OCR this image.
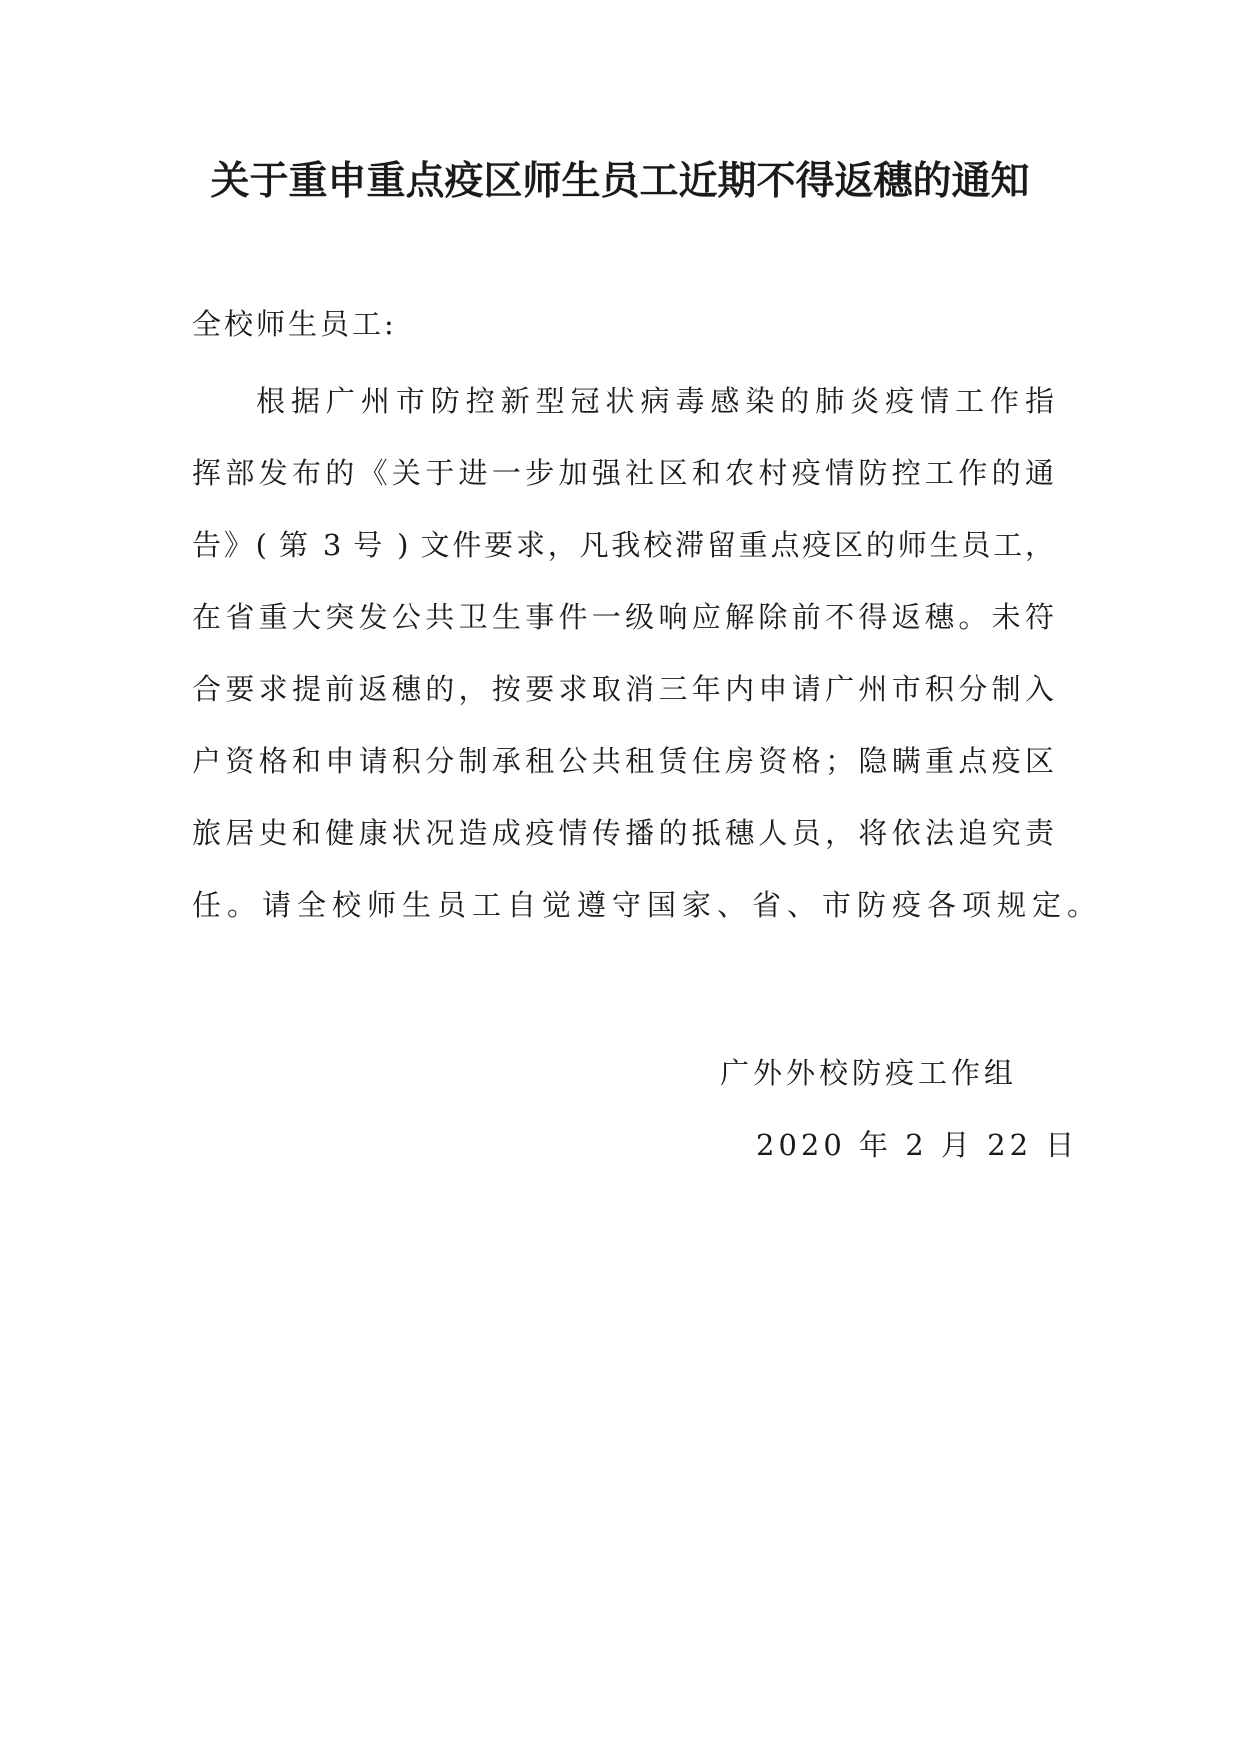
关于重申重点疫区师生员工近期不得返穗的通知
全校师生员工:
根据广州市防控新型冠状病毒感染的肺炎疫情工作指
挥部发布的《关于进一步加强社区和农村疫情防控工作的通
告》( 第 3 号 ) 文件要求，凡我校滞留重点疫区的师生员工，
在省重大突发公共卫生事件一级响应解除前不得返穗。未符
合要求提前返穗的，按要求取消三年内申请广州市积分制入
户资格和申请积分制承租公共租赁住房资格；隐瞒重点疫区
旅居史和健康状况造成疫情传播的抵穗人员，将依法追究责
任。请全校师生员工自觉遵守国家、省、市防疫各项规定。
广外外校防疫工作组
2020 年 2 月 22 日
